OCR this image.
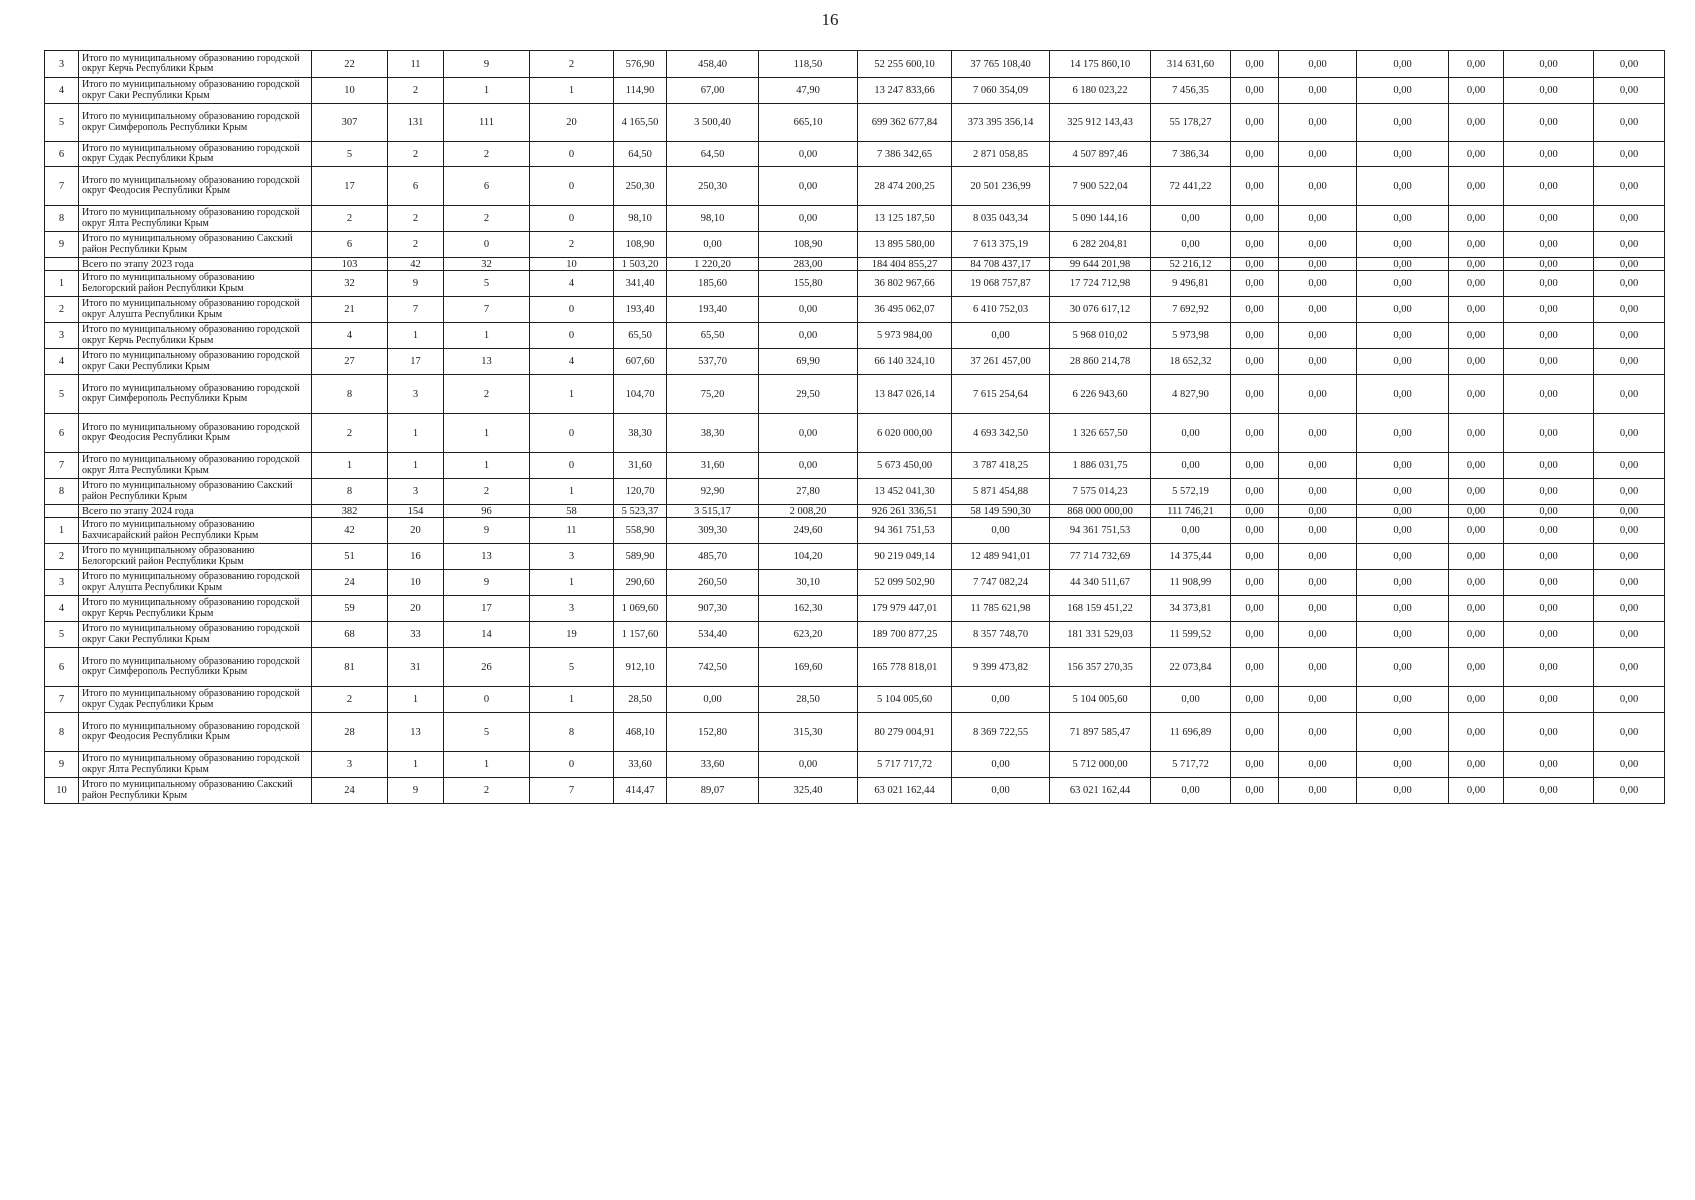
16
3	Итого по муниципальному образованию городской округ Керчь Республики Крым	22	11	9	2	576,90	458,40	118,50	52 255 600,10	37 765 108,40	14 175 860,10	314 631,60	0,00	0,00	0,00	0,00	0,00	0,00
4	Итого по муниципальному образованию городской округ Саки Республики Крым	10	2	1	1	114,90	67,00	47,90	13 247 833,66	7 060 354,09	6 180 023,22	7 456,35	0,00	0,00	0,00	0,00	0,00	0,00
5	Итого по муниципальному образованию городской округ Симферополь Республики Крым	307	131	111	20	4 165,50	3 500,40	665,10	699 362 677,84	373 395 356,14	325 912 143,43	55 178,27	0,00	0,00	0,00	0,00	0,00	0,00
6	Итого по муниципальному образованию городской округ Судак Республики Крым	5	2	2	0	64,50	64,50	0,00	7 386 342,65	2 871 058,85	4 507 897,46	7 386,34	0,00	0,00	0,00	0,00	0,00	0,00
7	Итого по муниципальному образованию городской округ Феодосия Республики Крым	17	6	6	0	250,30	250,30	0,00	28 474 200,25	20 501 236,99	7 900 522,04	72 441,22	0,00	0,00	0,00	0,00	0,00	0,00
8	Итого по муниципальному образованию городской округ Ялта Республики Крым	2	2	2	0	98,10	98,10	0,00	13 125 187,50	8 035 043,34	5 090 144,16	0,00	0,00	0,00	0,00	0,00	0,00	0,00
9	Итого по муниципальному образованию Сакский район Республики Крым	6	2	0	2	108,90	0,00	108,90	13 895 580,00	7 613 375,19	6 282 204,81	0,00	0,00	0,00	0,00	0,00	0,00	0,00
	Всего по этапу 2023 года	103	42	32	10	1 503,20	1 220,20	283,00	184 404 855,27	84 708 437,17	99 644 201,98	52 216,12	0,00	0,00	0,00	0,00	0,00	0,00
1	Итого по муниципальному образованию Белогорский район Республики Крым	32	9	5	4	341,40	185,60	155,80	36 802 967,66	19 068 757,87	17 724 712,98	9 496,81	0,00	0,00	0,00	0,00	0,00	0,00
2	Итого по муниципальному образованию городской округ Алушта Республики Крым	21	7	7	0	193,40	193,40	0,00	36 495 062,07	6 410 752,03	30 076 617,12	7 692,92	0,00	0,00	0,00	0,00	0,00	0,00
3	Итого по муниципальному образованию городской округ Керчь Республики Крым	4	1	1	0	65,50	65,50	0,00	5 973 984,00	0,00	5 968 010,02	5 973,98	0,00	0,00	0,00	0,00	0,00	0,00
4	Итого по муниципальному образованию городской округ Саки Республики Крым	27	17	13	4	607,60	537,70	69,90	66 140 324,10	37 261 457,00	28 860 214,78	18 652,32	0,00	0,00	0,00	0,00	0,00	0,00
5	Итого по муниципальному образованию городской округ Симферополь Республики Крым	8	3	2	1	104,70	75,20	29,50	13 847 026,14	7 615 254,64	6 226 943,60	4 827,90	0,00	0,00	0,00	0,00	0,00	0,00
6	Итого по муниципальному образованию городской округ Феодосия Республики Крым	2	1	1	0	38,30	38,30	0,00	6 020 000,00	4 693 342,50	1 326 657,50	0,00	0,00	0,00	0,00	0,00	0,00	0,00
7	Итого по муниципальному образованию городской округ Ялта Республики Крым	1	1	1	0	31,60	31,60	0,00	5 673 450,00	3 787 418,25	1 886 031,75	0,00	0,00	0,00	0,00	0,00	0,00	0,00
8	Итого по муниципальному образованию Сакский район Республики Крым	8	3	2	1	120,70	92,90	27,80	13 452 041,30	5 871 454,88	7 575 014,23	5 572,19	0,00	0,00	0,00	0,00	0,00	0,00
	Всего по этапу 2024 года	382	154	96	58	5 523,37	3 515,17	2 008,20	926 261 336,51	58 149 590,30	868 000 000,00	111 746,21	0,00	0,00	0,00	0,00	0,00	0,00
1	Итого по муниципальному образованию Бахчисарайский район Республики Крым	42	20	9	11	558,90	309,30	249,60	94 361 751,53	0,00	94 361 751,53	0,00	0,00	0,00	0,00	0,00	0,00	0,00
2	Итого по муниципальному образованию Белогорский район Республики Крым	51	16	13	3	589,90	485,70	104,20	90 219 049,14	12 489 941,01	77 714 732,69	14 375,44	0,00	0,00	0,00	0,00	0,00	0,00
3	Итого по муниципальному образованию городской округ Алушта Республики Крым	24	10	9	1	290,60	260,50	30,10	52 099 502,90	7 747 082,24	44 340 511,67	11 908,99	0,00	0,00	0,00	0,00	0,00	0,00
4	Итого по муниципальному образованию городской округ Керчь Республики Крым	59	20	17	3	1 069,60	907,30	162,30	179 979 447,01	11 785 621,98	168 159 451,22	34 373,81	0,00	0,00	0,00	0,00	0,00	0,00
5	Итого по муниципальному образованию городской округ Саки Республики Крым	68	33	14	19	1 157,60	534,40	623,20	189 700 877,25	8 357 748,70	181 331 529,03	11 599,52	0,00	0,00	0,00	0,00	0,00	0,00
6	Итого по муниципальному образованию городской округ Симферополь Республики Крым	81	31	26	5	912,10	742,50	169,60	165 778 818,01	9 399 473,82	156 357 270,35	22 073,84	0,00	0,00	0,00	0,00	0,00	0,00
7	Итого по муниципальному образованию городской округ Судак Республики Крым	2	1	0	1	28,50	0,00	28,50	5 104 005,60	0,00	5 104 005,60	0,00	0,00	0,00	0,00	0,00	0,00	0,00
8	Итого по муниципальному образованию городской округ Феодосия Республики Крым	28	13	5	8	468,10	152,80	315,30	80 279 004,91	8 369 722,55	71 897 585,47	11 696,89	0,00	0,00	0,00	0,00	0,00	0,00
9	Итого по муниципальному образованию городской округ Ялта Республики Крым	3	1	1	0	33,60	33,60	0,00	5 717 717,72	0,00	5 712 000,00	5 717,72	0,00	0,00	0,00	0,00	0,00	0,00
10	Итого по муниципальному образованию Сакский район Республики Крым	24	9	2	7	414,47	89,07	325,40	63 021 162,44	0,00	63 021 162,44	0,00	0,00	0,00	0,00	0,00	0,00	0,00
